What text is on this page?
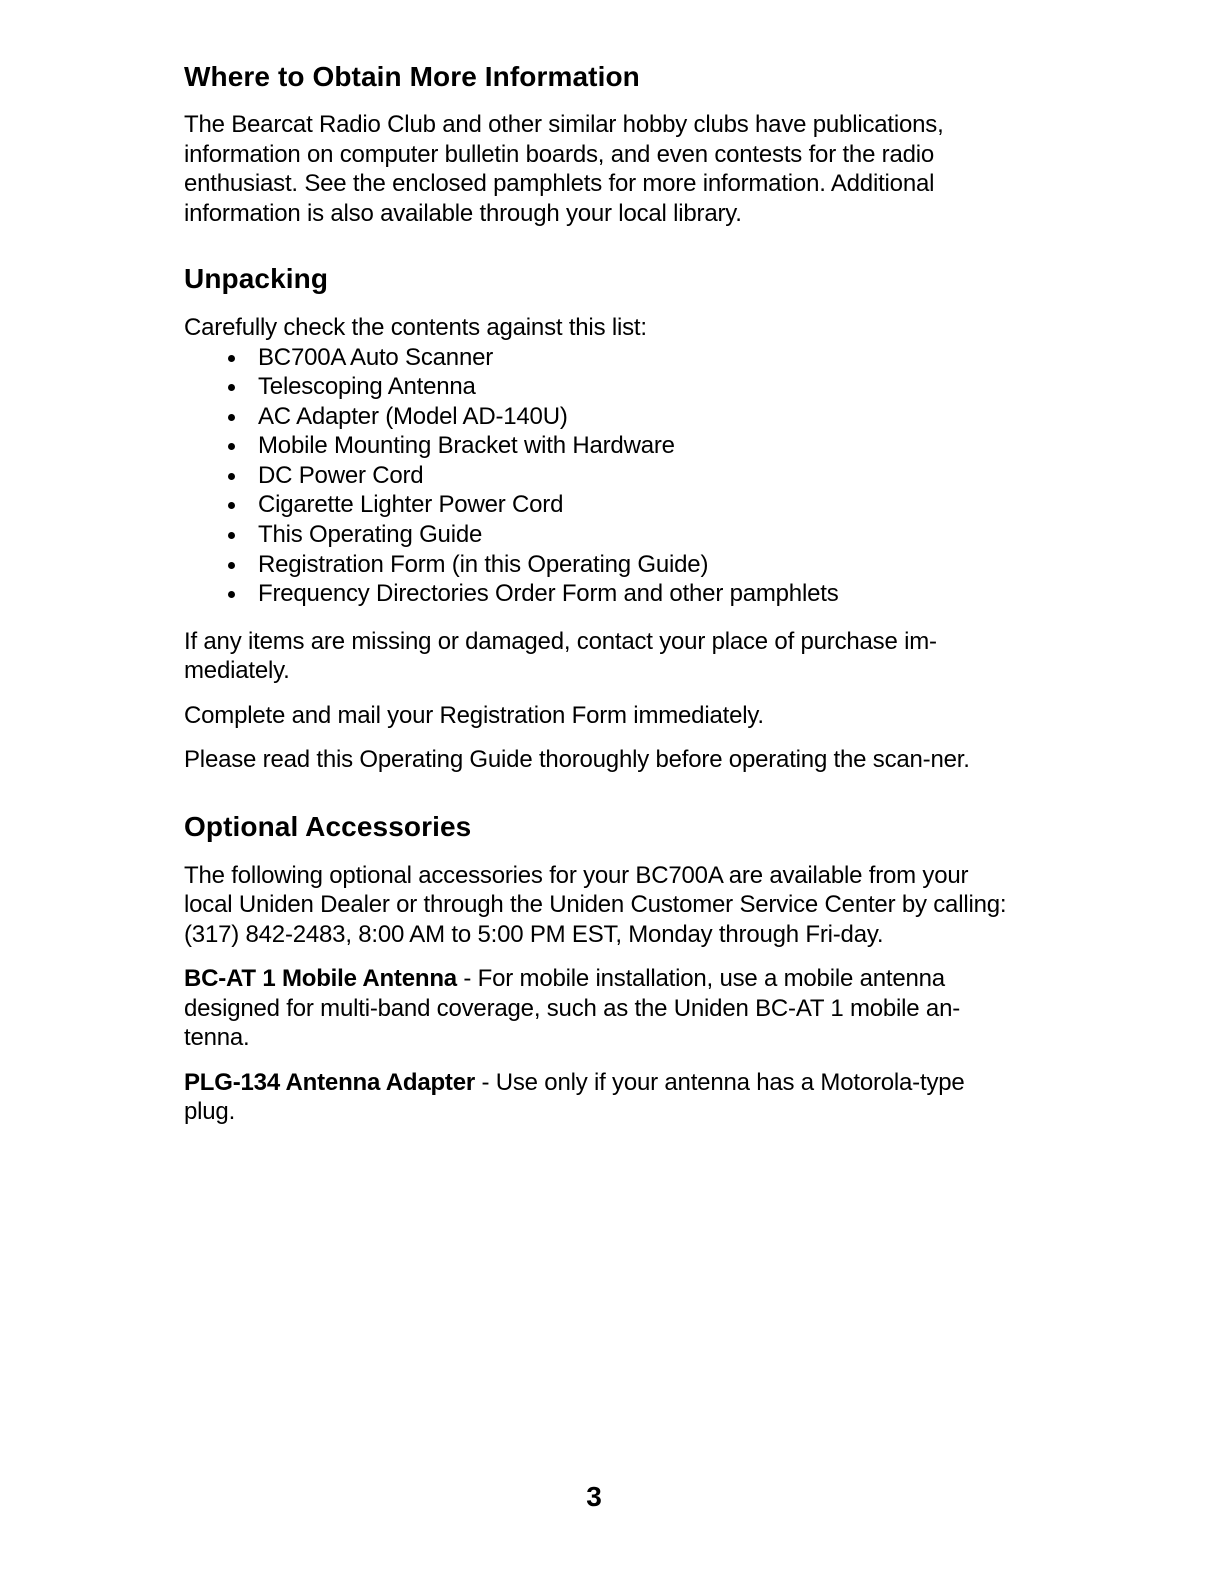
Where to Obtain More Information

The Bearcat Radio Club and other similar hobby clubs have publications, information on computer bulletin boards, and even contests for the radio enthusiast. See the enclosed pamphlets for more information. Additional information is also available through your local library.

Unpacking

Carefully check the contents against this list:

BC700A Auto Scanner
Telescoping Antenna
AC Adapter (Model AD-140U)
Mobile Mounting Bracket with Hardware
DC Power Cord
Cigarette Lighter Power Cord
This Operating Guide
Registration Form (in this Operating Guide)
Frequency Directories Order Form and other pamphlets

If any items are missing or damaged, contact your place of purchase im-mediately.

Complete and mail your Registration Form immediately.

Please read this Operating Guide thoroughly before operating the scan-ner.

Optional Accessories

The following optional accessories for your BC700A are available from your local Uniden Dealer or through the Uniden Customer Service Center by calling: (317) 842-2483, 8:00 AM to 5:00 PM EST, Monday through Fri-day.

BC-AT 1 Mobile Antenna - For mobile installation, use a mobile antenna designed for multi-band coverage, such as the Uniden BC-AT 1 mobile an-tenna.

PLG-134 Antenna Adapter - Use only if your antenna has a Motorola-type plug.

3
